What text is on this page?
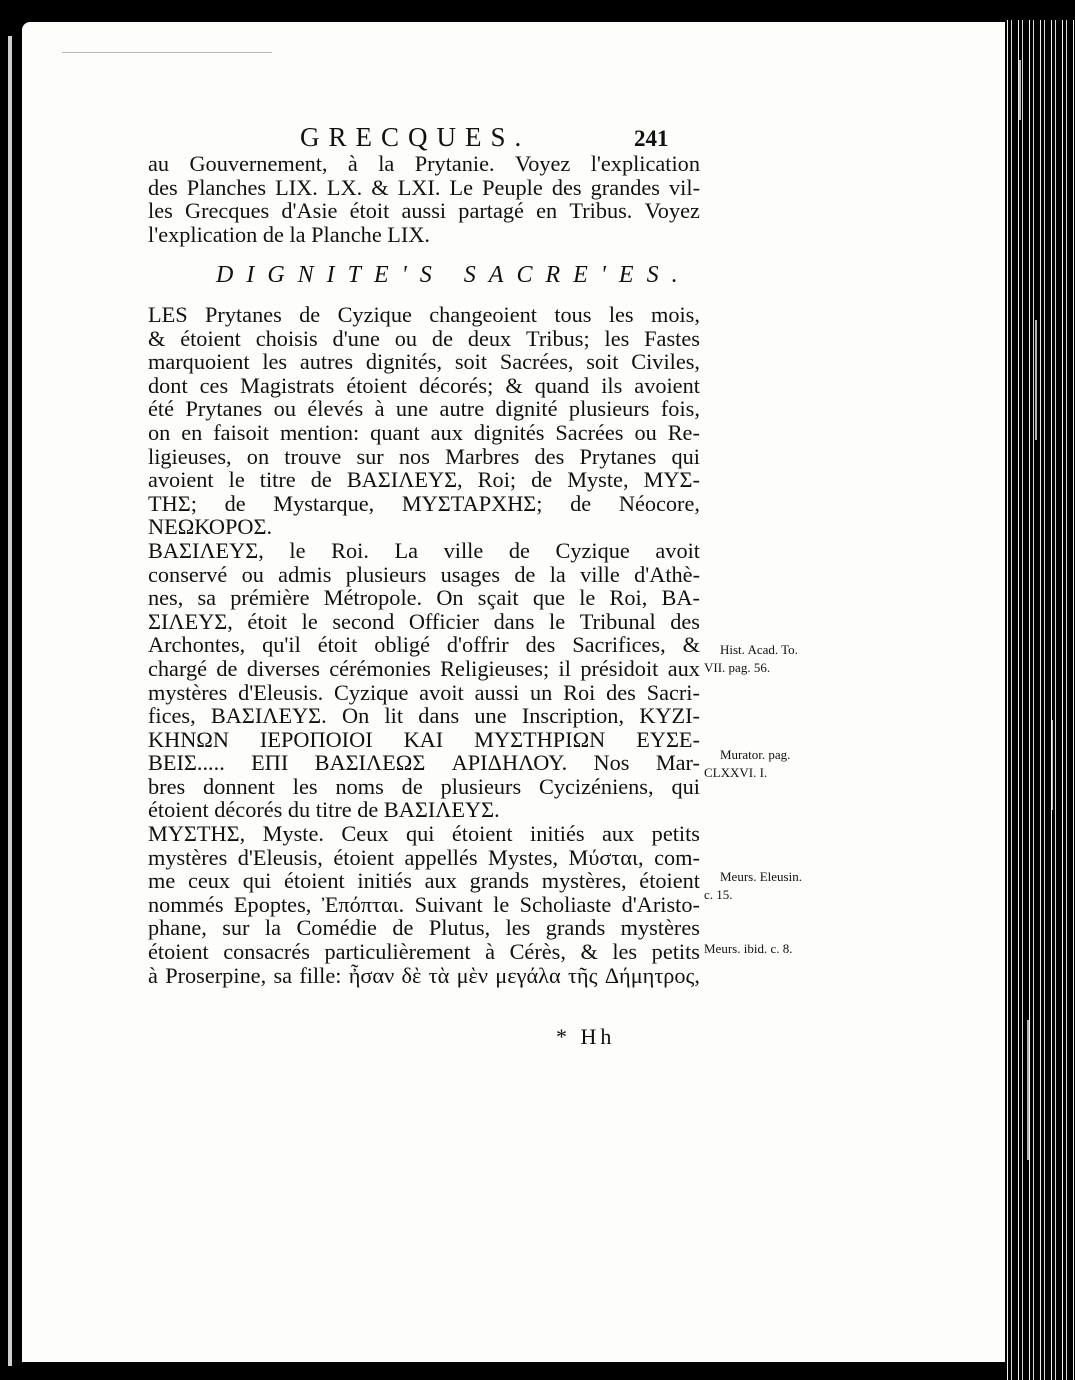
GRECQUES.	241
au Gouvernement, à la Prytanie. Voyez l'explication
des Planches LIX. LX. & LXI. Le Peuple des grandes vil-
les Grecques d'Asie étoit aussi partagé en Tribus. Voyez
l'explication de la Planche LIX.
DIGNITE'S SACRE'ES.
LES Prytanes de Cyzique changeoient tous les mois,
& étoient choisis d'une ou de deux Tribus; les Fastes
marquoient les autres dignités, soit Sacrées, soit Civiles,
dont ces Magistrats étoient décorés; & quand ils avoient
été Prytanes ou élevés à une autre dignité plusieurs fois,
on en faisoit mention: quant aux dignités Sacrées ou Re-
ligieuses, on trouve sur nos Marbres des Prytanes qui
avoient le titre de ΒΑΣΙΛΕΥΣ, Roi; de Myste, ΜΥΣ-
ΤΗΣ; de Mystarque, ΜΥΣΤΑΡΧΗΣ; de Néocore,
ΝΕΩΚΟΡΟΣ.
ΒΑΣΙΛΕΥΣ, le Roi. La ville de Cyzique avoit
conservé ou admis plusieurs usages de la ville d'Athè-
nes, sa prémière Métropole. On sçait que le Roi, ΒΑ-
ΣΙΛΕΥΣ, étoit le second Officier dans le Tribunal des
Archontes, qu'il étoit obligé d'offrir des Sacrifices, &
chargé de diverses cérémonies Religieuses; il présidoit aux
mystères d'Eleusis. Cyzique avoit aussi un Roi des Sacri-
fices, ΒΑΣΙΛΕΥΣ. On lit dans une Inscription, ΚΥΖΙ-
ΚΗΝΩΝ ΙΕΡΟΠΟΙΟΙ ΚΑΙ ΜΥΣΤΗΡΙΩΝ ΕΥΣΕ-
ΒΕΙΣ..... ΕΠΙ ΒΑΣΙΛΕΩΣ ΑΡΙΔΗΛΟΥ. Nos Mar-
bres donnent les noms de plusieurs Cycizéniens, qui
étoient décorés du titre de ΒΑΣΙΛΕΥΣ.
ΜΥΣΤΗΣ, Myste. Ceux qui étoient initiés aux petits
mystères d'Eleusis, étoient appellés Mystes, Μύσται, com-
me ceux qui étoient initiés aux grands mystères, étoient
nommés Epoptes, Ἐπόπται. Suivant le Scholiaste d'Aristo-
phane, sur la Comédie de Plutus, les grands mystères
étoient consacrés particulièrement à Cérès, & les petits
à Proserpine, sa fille: ἦσαν δὲ τὰ μὲν μεγάλα τῆς Δήμητρος,
Hist. Acad. To.
VII. pag. 56.
Murator. pag.
CLXXVI. I.
Meurs. Eleusin.
c. 15.
Meurs. ibid. c. 8.
* Hh
